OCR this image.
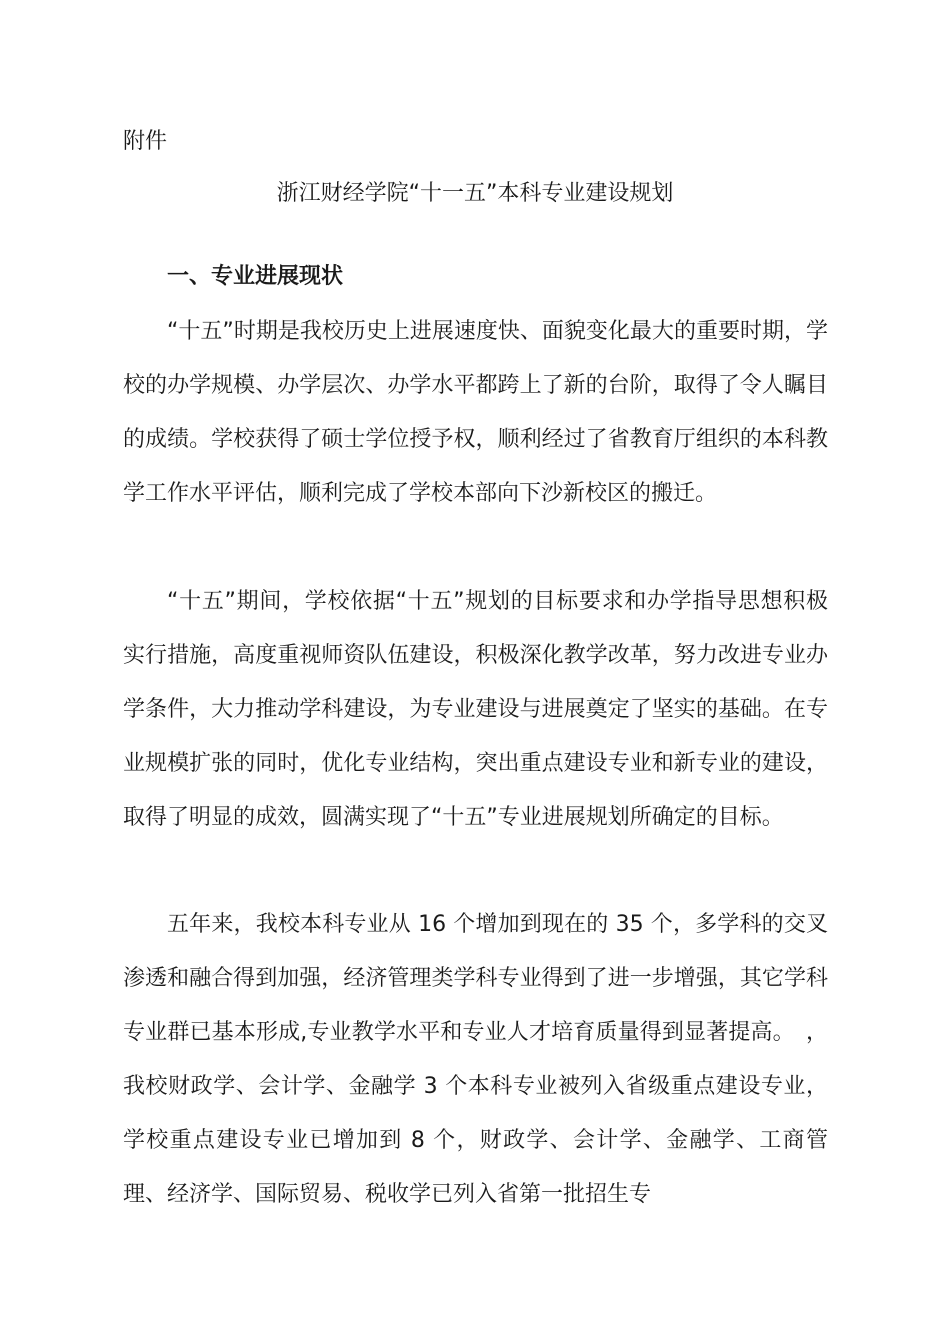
附件
浙江财经学院“十一五”本科专业建设规划
一、专业进展现状

“十五”时期是我校历史上进展速度快、面貌变化最大的重要时期，学校的办学规模、办学层次、办学水平都跨上了新的台阶，取得了令人瞩目的成绩。学校获得了硕士学位授予权，顺利经过了省教育厅组织的本科教学工作水平评估，顺利完成了学校本部向下沙新校区的搬迁。

“十五”期间，学校依据“十五”规划的目标要求和办学指导思想积极实行措施，高度重视师资队伍建设，积极深化教学改革，努力改进专业办学条件，大力推动学科建设，为专业建设与进展奠定了坚实的基础。在专业规模扩张的同时，优化专业结构，突出重点建设专业和新专业的建设，取得了明显的成效，圆满实现了“十五”专业进展规划所确定的目标。

五年来，我校本科专业从 16 个增加到现在的 35 个，多学科的交叉渗透和融合得到加强，经济管理类学科专业得到了进一步增强，其它学科专业群已基本形成,专业教学水平和专业人才培育质量得到显著提高。　，我校财政学、会计学、金融学 3 个本科专业被列入省级重点建设专业，学校重点建设专业已增加到 8 个，财政学、会计学、金融学、工商管理、经济学、国际贸易、税收学已列入省第一批招生专
